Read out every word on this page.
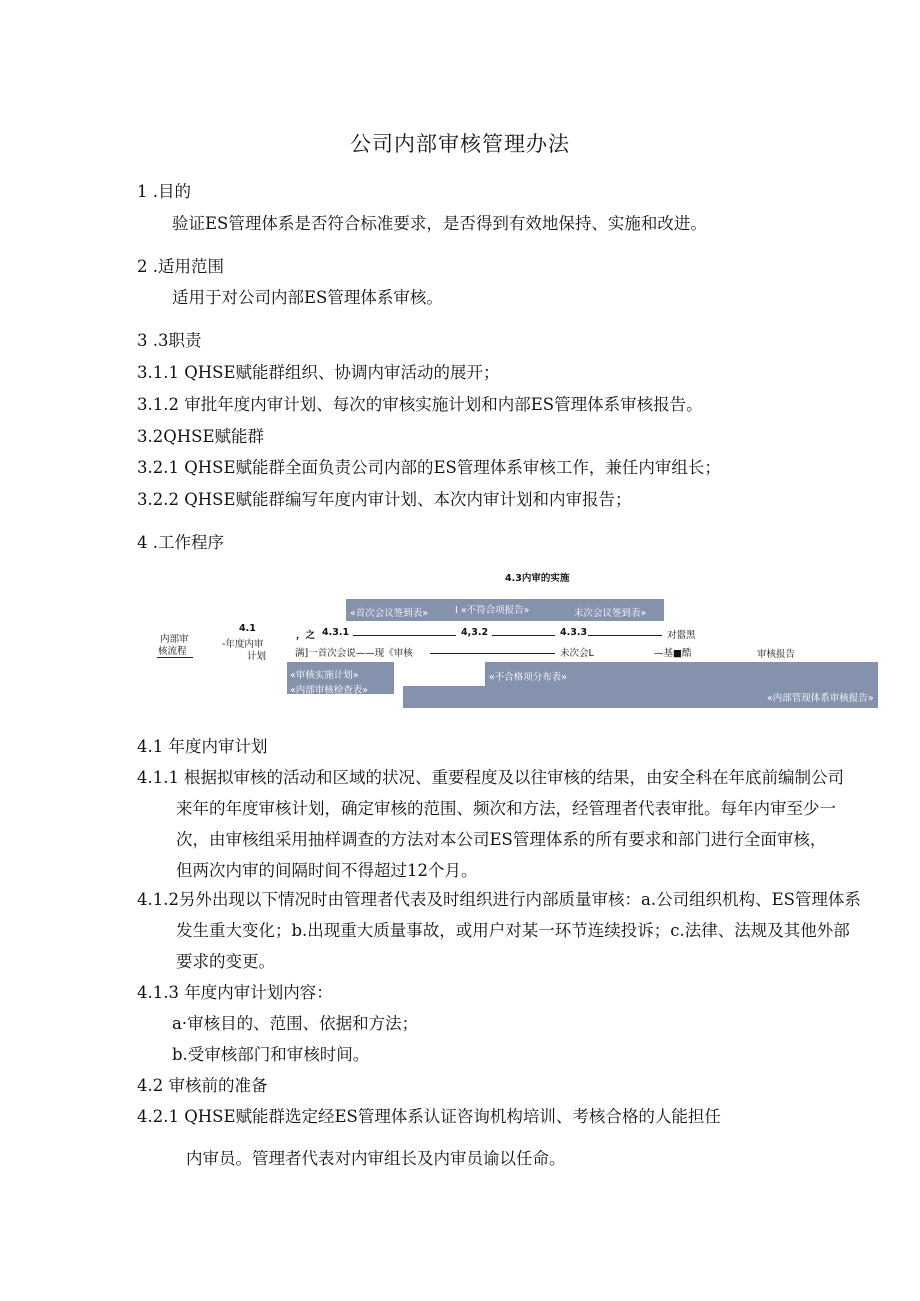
公司内部审核管理办法
1 .目的
验证ES管理体系是否符合标准要求，是否得到有效地保持、实施和改进。
2 .适用范围
适用于对公司内部ES管理体系审核。
3 .3职责
3.1.1 QHSE赋能群组织、协调内审活动的展开；
3.1.2 审批年度内审计划、每次的审核实施计划和内部ES管理体系审核报告。
3.2QHSE赋能群
3.2.1 QHSE赋能群全面负责公司内部的ES管理体系审核工作，兼任内审组长；
3.2.2 QHSE赋能群编写年度内审计划、本次内审计划和内审报告；
4 .工作程序
4.3内审的实施
«首次会议签到表»	I «不符合项报告»	末次会议签到表»
内部审
核流程
4.1
-年度内审
计划
，之 4.3.1	4,3.2	4.3.3	对嚣黑
满]一首次会说——现《审核	未次会L	—基■酷	审核报告
«审核实施计划»
«内部审核检查表»
«不合格项分布表»
«内部管现体系审核报告»
4.1 年度内审计划
4.1.1 根据拟审核的活动和区域的状况、重要程度及以往审核的结果，由安全科在年底前编制公司
来年的年度审核计划，确定审核的范围、频次和方法，经管理者代表审批。每年内审至少一
次，由审核组采用抽样调查的方法对本公司ES管理体系的所有要求和部门进行全面审核，
但两次内审的间隔时间不得超过12个月。
4.1.2另外出现以下情况时由管理者代表及时组织进行内部质量审核：a.公司组织机构、ES管理体系
发生重大变化；b.出现重大质量事故，或用户对某一环节连续投诉；c.法律、法规及其他外部
要求的变更。
4.1.3 年度内审计划内容：
a·审核目的、范围、依据和方法；
b.受审核部门和审核时间。
4.2 审核前的准备
4.2.1 QHSE赋能群选定经ES管理体系认证咨询机构培训、考核合格的人能担任
内审员。管理者代表对内审组长及内审员谕以任命。
